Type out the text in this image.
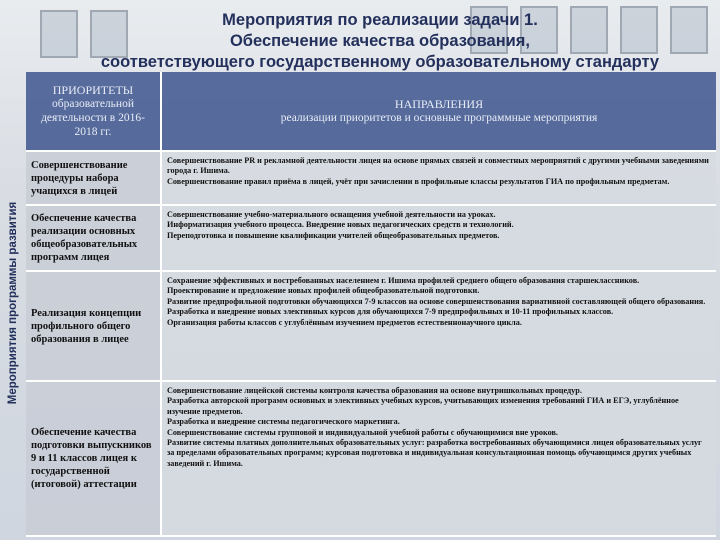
Мероприятия по реализации задачи 1.
Обеспечение качества образования,
соответствующего государственному образовательному стандарту
Мероприятия программы развития
ПРИОРИТЕТЫ
образовательной деятельности в 2016-2018 гг.
НАПРАВЛЕНИЯ
реализации приоритетов и основные программные мероприятия
Совершенствование процедуры набора учащихся в лицей

Совершенствование PR и рекламной деятельности лицея на основе прямых связей и совместных мероприятий с другими учебными заведениями города г. Ишима.

Совершенствование правил приёма в лицей, учёт при зачислении в профильные классы результатов ГИА по профильным предметам.

Обеспечение качества реализации основных общеобразовательных программ лицея

Совершенствование учебно-материального оснащения учебной деятельности на уроках.

Информатизация учебного процесса. Внедрение новых педагогических средств и технологий.

Переподготовка и повышение квалификации учителей общеобразовательных предметов.

Реализация концепции профильного общего образования в лицее

Сохранение эффективных и востребованных населением г. Ишима профилей среднего общего образования старшеклассников.

Проектирование и предложение новых профилей общеобразовательной подготовки.

Развитие предпрофильной подготовки обучающихся 7-9 классов на основе совершенствования вариативной составляющей общего образования. Разработка и внедрение новых элективных курсов для обучающихся 7-9 предпрофильных и 10-11 профильных классов.

Организация работы классов с углублённым изучением предметов естественнонаучного цикла.

Обеспечение качества подготовки выпускников 9 и 11 классов лицея к государственной (итоговой) аттестации

Совершенствование лицейской системы контроля качества образования на основе внутришкольных процедур.

Разработка авторской программ основных и элективных учебных курсов, учитывающих изменения требований ГИА и ЕГЭ, углублённое изучение предметов.

Разработка и внедрение системы педагогического маркетинга.

Совершенствование системы групповой и индивидуальной учебной работы с обучающимися вне уроков.

Развитие системы платных дополнительных образовательных услуг: разработка востребованных обучающимися лицея образовательных услуг за пределами образовательных программ; курсовая подготовка и индивидуальная консультационная помощь обучающимся других учебных заведений г. Ишима.
